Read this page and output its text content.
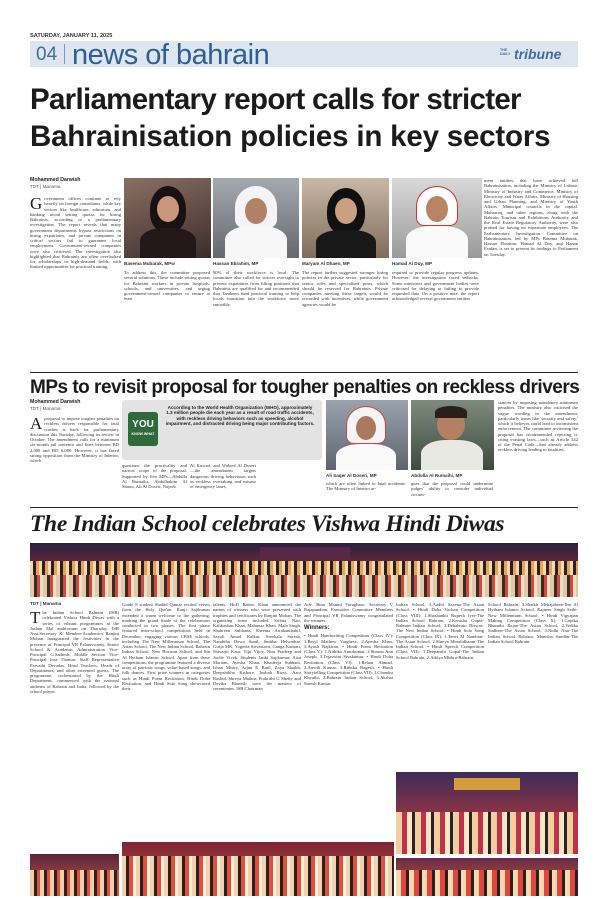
SATURDAY, JANUARY 11, 2025
04 news of bahrain	THE DAILY tribune
Parliamentary report calls for stricter
Bahrainisation policies in key sectors
Mohammed Darwish
TDT | Manama
Government offices continue to rely heavily on foreign consultants, while key sectors like healthcare, education, and banking avoid setting quotas for hiring Bahrainis, according to a parliamentary investigation. The report reveals that many government departments bypass restrictions on hiring expatriates, and private companies in critical sectors fail to guarantee local employment. Government-owned companies were also criticised. The investigation also highlighted that Bahrainis are often overlooked for scholarships in high-demand fields, with limited opportunities for practical training.
Basema Mubarak, MPw	Hassan Ebrahim, MP	Maryam Al Dhaen, MP	Hamad Al Doy, MP
To address this, the committee proposed several solutions. These include setting quotas for Bahraini workers in private hospitals, schools, and universities, and urging government-owned companies to ensure at least
90% of their workforce is local. The committee also called for stricter oversight to prevent expatriates from filling positions that Bahrainis are qualified for and recommended that Tamkeen fund practical training to help locals transition into the workforce more smoothly.
The report further suggested stronger hiring policies in the private sector, particularly for senior roles and specialised posts, which should be reserved for Bahrainis. Private companies meeting these targets would be rewarded with incentives, while government agencies would be
required to provide regular progress updates. However, the investigation faced setbacks. Some ministries and government bodies were criticised for delaying or failing to provide requested data. On a positive note, the report acknowledged several government entities
ment entities that have achieved full Bahrainisation, including the Ministry of Labour, Ministry of Industry and Commerce, Ministry of Electricity and Water Affairs, Ministry of Housing and Urban Planning, and Ministry of Youth Affairs. Municipal councils in the capital, Muharraq, and other regions, along with the Bahrain Tourism and Exhibitions Authority and the Real Estate Regulatory Authority, were also praised for having no expatriate employees. The Parliamentary Investigation Committee on Bahrainisation, led by MPs Basema Mubarak, Hassan Ebrahim, Hamad Al Doy, and Hanan Fardan, is set to present its findings to Parliament on Tuesday.
MPs to revisit proposal for tougher penalties on reckless drivers
Mohammed Darwish
TDT | Manama
Aproposal to impose tougher penalties on reckless drivers responsible for fatal crashes is back for parliamentary discussion this Tuesday, following its review in October. The amendment calls for a minimum six-month jail sentence and fines between BD 2,000 and BD 6,000. However, it has faced strong opposition from the Ministry of Interior, which
YOU
KNOW WHAT
According to the World Health Organization (WHO), approximately 1.3 million people die each year as a result of road traffic accidents, with reckless driving behaviors such as speeding, alcohol impairment, and distracted driving being major contributing factors.
questions the practicality and narrow scope of the proposal. Supported by five MPs—Abdulla Al Rumaihi, Abdulhakim Al Shono, Ali Al Doseri, Najeeb
Al Kuwari, and Waleed Al Doseri—the amendment targets dangerous driving behaviours such as reckless overtaking and misuse of emergency lanes,
Ali Saqer Al Doseri, MP	Abdulla Al Rumaihi, MP
which are often linked to fatal accidents. The Ministry of Interior ar-
gues that the proposal could undermine judges' ability to consider individual circum-
stances by imposing mandatory minimum penalties. The ministry also criticised the vague wording in the amendment, particularly terms like 'security and safety,' which it believes could lead to inconsistent enforcement. The committee reviewing the proposal has recommended rejecting it, citing existing laws—such as Article 342 of the Penal Code—that already address reckless driving leading to fatalities.
The Indian School celebrates Vishwa Hindi Diwas
TDT | Manama
The Indian School Bahrain (ISB) celebrated Vishwa Hindi Diwas with a series of vibrant programmes at the Jashan Mal auditorium on Thursday. ISB Asst.Secretary & Member-Academics Ranjini Mohan inaugurated the festivities in the presence of Principal VR Palaniswamy, Senior School & Academic Administration Vice-Principal G.Sathesh, Middle Section Vice-Principal Jose Thomas, Staff Representative Parvathi Devadas, Head Teachers, Heads of Departments, and other esteemed guests. The programme, orchestrated by the Hindi Department, commenced with the national anthems of Bahrain and India, followed by the school prayer.
Grade 8 student Shahid Qamar recited verses from the Holy Qur'an. Ranji Sajikumar extended a warm welcome to the gathering, marking the grand finale of the celebrations conducted in two phases. The first phase featured inter-school competitions held in December, engaging various CBSE schools, including The New Millennium School, The Asian School, The New Indian School, Bahrain Indian School, New Horizon School, and Ibn Al Hytham Islamic School. Apart from these competitions, the programme featured a diverse array of patriotic songs, value-based songs, and folk dances. First prize winners in categories such as Hindi Poem Recitation, Hindi Doha Recitation, and Hindi Solo Song showcased their
talents. HoD Baboo Khan announced the names of winners who were presented with trophies and certificates by Ranjini Mohan. The organising team included Srilata Nair, Kahkashan Khan, Mahanaz Khan, Mala Singh, Shabreen Sulthana, Sheema Arrakandathil, Sayali Amod Kelkar, Sreekala Suresh, Nanditha Dewa Sunil, Smitha Helwarkar, Girija MK, Yogeeta Srivastava, Ganga Kumari, Shivarjit Kaur, Vijit Vijoy, Nitu Pradeep and Joolie Vivek. Students Janki Sajikumar, Aiza Mariam, Ayesha Khan, Khadeeja Subhani, Ishan Mistry, Arjun K Binil, Zoya Shaikh, Deepshikha Kishore, Inshah Rizvi, Azra Rashid, Shreya Mathur, Prakrithi G Shetty and Devika Bineesh were the masters of ceremonies. ISB Chairman
Adv. Binu Mannil Varughese, Secretary V Rajapandian, Executive Committee Members and Principal VR Palaniswamy congratulated the winners.
Winners:
• Hindi Handwriting Competition (Class IV): 1.Beryl Mathew Varghese, 2.Ayesha Khan, 3.Ayush Rajkiran. • Hindi Poem Recitation (Class V): 1.Nithika Amirkumar, 2.Sharon Ann Joseph, 3.Tejaswini Sivakumar. • Hindi Doha Recitation (Class VI): 1.Rehan Ahmad, 2.Anvith Kumar, 3.Rithika Ragesh. • Hindi Storytelling Competition (Class VII): 1.Chandra Khyathi, 2.Bahrain Indian School, 3.Akshat Suresh Kumar.
Indian School, 3.Aaditi Saxena-The Asian School. • Hindi Doha Vachan Competition (Class VIII): 1.Shashankit Rupesh Iyer-The Indian School Bahrain, 2.Kenisha Gupta-Bahrain Indian School, 3.Debabrato Biswas-The New Indian School. • Hindi Solo Song Competition (Class IX): 1.Tanvi M Nambiar-The Asian School, 2.Shreya Muralidharan-The Indian School. • Hindi Speech Competition (Class VII): 1.Deepanshi Gopal-The Indian School Bahrain, 2.Aditya Mishra-Bahrain
School Bahrain, 3.Shaikh Mehajabeen-Ibn Al Hytham Islamic School, Rajneer Singh Sethi-New Millennium School. • Hindi Vigyapan Making Competition (Class X): 1.Gopika Bharathi Rajan-The Asian School, 2.Vedika Sudheer-The Asian School, 3.Nidhi Nair-The Indian School Bahrain, Manisha Sandhu-The Indian School Bahrain.
